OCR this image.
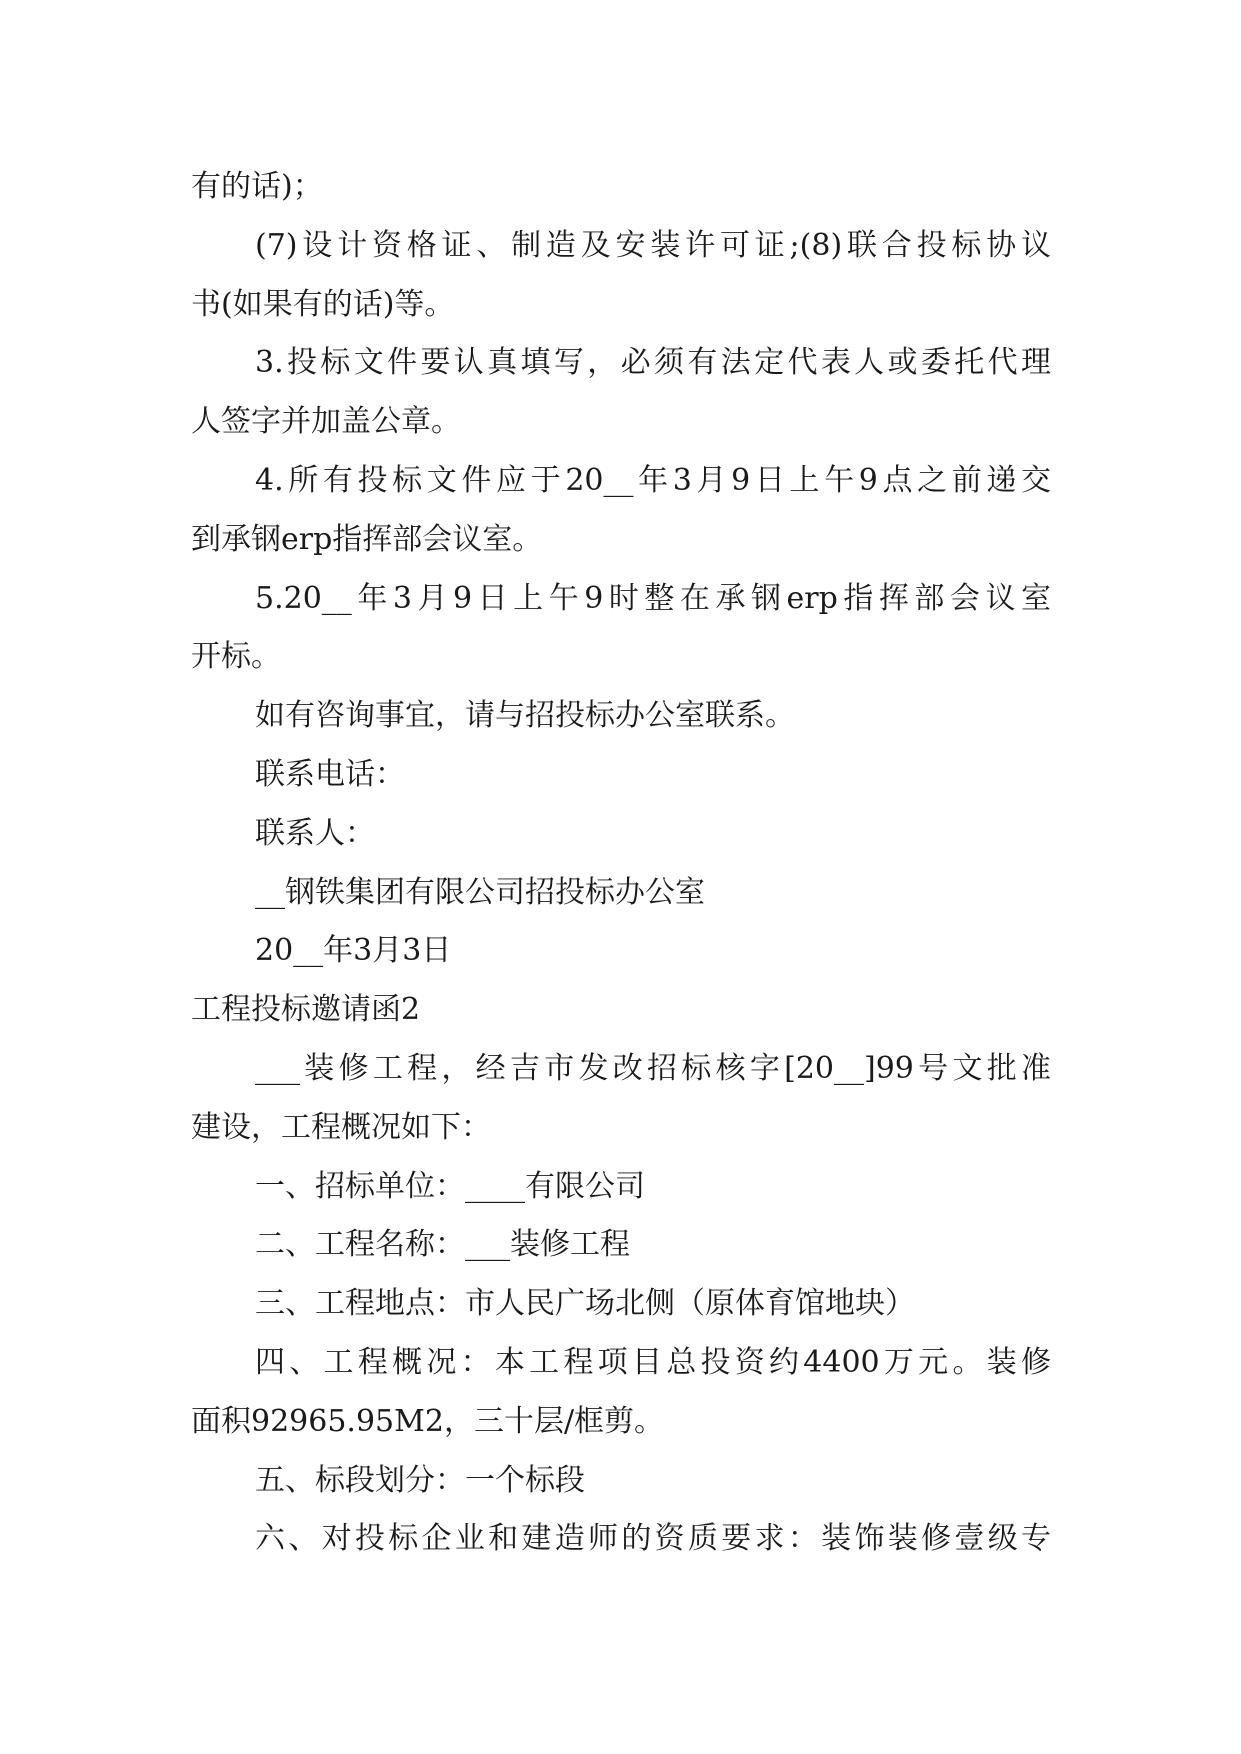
有的话)；
(7)设计资格证、制造及安装许可证;(8)联合投标协议
书(如果有的话)等。
3.投标文件要认真填写，必须有法定代表人或委托代理
人签字并加盖公章。
4.所有投标文件应于20__年3月9日上午9点之前递交
到承钢erp指挥部会议室。
5.20__年3月9日上午9时整在承钢erp指挥部会议室
开标。
如有咨询事宜，请与招投标办公室联系。
联系电话：
联系人：
__钢铁集团有限公司招投标办公室
20__年3月3日
工程投标邀请函2
___装修工程，经吉市发改招标核字[20__]99号文批准
建设，工程概况如下：
一、招标单位：____有限公司
二、工程名称：___装修工程
三、工程地点：市人民广场北侧（原体育馆地块）
四、工程概况：本工程项目总投资约4400万元。装修
面积92965.95M2，三十层/框剪。
五、标段划分：一个标段
六、对投标企业和建造师的资质要求：装饰装修壹级专
